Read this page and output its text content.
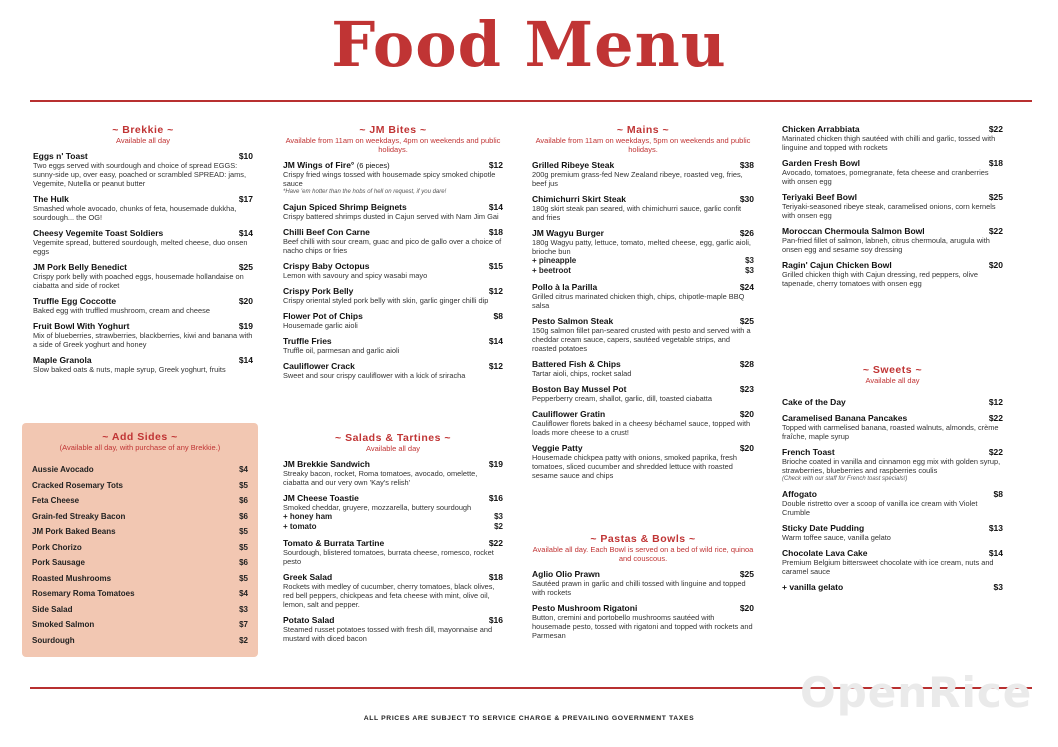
Food Menu
~ Brekkie ~
Available all day
Eggs n' Toast	$10
Two eggs served with sourdough and choice of spread EGGS: sunny-side up, over easy, poached or scrambled SPREAD: jams, Vegemite, Nutella or peanut butter
The Hulk	$17
Smashed whole avocado, chunks of feta, housemade dukkha, sourdough... the OG!
Cheesy Vegemite Toast Soldiers	$14
Vegemite spread, buttered sourdough, melted cheese, duo onsen eggs
JM Pork Belly Benedict	$25
Crispy pork belly with poached eggs, housemade hollandaise on ciabatta and side of rocket
Truffle Egg Coccotte	$20
Baked egg with truffled mushroom, cream and cheese
Fruit Bowl With Yoghurt	$19
Mix of blueberries, strawberries, blackberries, kiwi and banana with a side of Greek yoghurt and honey
Maple Granola	$14
Slow baked oats & nuts, maple syrup, Greek yoghurt, fruits
~ Add Sides ~
(Available all day, with purchase of any Brekkie.)
Aussie Avocado	$4
Cracked Rosemary Tots	$5
Feta Cheese	$6
Grain-fed Streaky Bacon	$6
JM Pork Baked Beans	$5
Pork Chorizo	$5
Pork Sausage	$6
Roasted Mushrooms	$5
Rosemary Roma Tomatoes	$4
Side Salad	$3
Smoked Salmon	$7
Sourdough	$2
~ JM Bites ~
Available from 11am on weekdays, 4pm on weekends and public holidays.
JM Wings of Fire° (6 pieces)	$12
Crispy fried wings tossed with housemade spicy smoked chipotle sauce
*Have 'em hotter than the hobs of hell on request, if you dare!
Cajun Spiced Shrimp Beignets	$14
Crispy battered shrimps dusted in Cajun served with Nam Jim Gai
Chilli Beef Con Carne	$18
Beef chilli with sour cream, guac and pico de gallo over a choice of nacho chips or fries
Crispy Baby Octopus	$15
Lemon with savoury and spicy wasabi mayo
Crispy Pork Belly	$12
Crispy oriental styled pork belly with skin, garlic ginger chilli dip
Flower Pot of Chips	$8
Housemade garlic aioli
Truffle Fries	$14
Truffle oil, parmesan and garlic aioli
Cauliflower Crack	$12
Sweet and sour crispy cauliflower with a kick of sriracha
~ Salads & Tartines ~
Available all day
JM Brekkie Sandwich	$19
Streaky bacon, rocket, Roma tomatoes, avocado, omelette, ciabatta and our very own 'Kay's relish'
JM Cheese Toastie	$16
Smoked cheddar, gruyere, mozzarella, buttery sourdough
+ honey ham	$3
+ tomato	$2
Tomato & Burrata Tartine	$22
Sourdough, blistered tomatoes, burrata cheese, romesco, rocket pesto
Greek Salad	$18
Rockets with medley of cucumber, cherry tomatoes, black olives, red bell peppers, chickpeas and feta cheese with mint, olive oil, lemon, salt and pepper.
Potato Salad	$16
Steamed russet potatoes tossed with fresh dill, mayonnaise and mustard with diced bacon
~ Mains ~
Available from 11am on weekdays, 5pm on weekends and public holidays.
Grilled Ribeye Steak	$38
200g premium grass-fed New Zealand ribeye, roasted veg, fries, beef jus
Chimichurri Skirt Steak	$30
180g skirt steak pan seared, with chimichurri sauce, garlic confit and fries
JM Wagyu Burger	$26
180g Wagyu patty, lettuce, tomato, melted cheese, egg, garlic aioli, brioche bun
+ pineapple	$3
+ beetroot	$3
Pollo à la Parilla	$24
Grilled citrus marinated chicken thigh, chips, chipotle-maple BBQ salsa
Pesto Salmon Steak	$25
150g salmon fillet pan-seared crusted with pesto and served with a cheddar cream sauce, capers, sautéed vegetable strips, and roasted potatoes
Battered Fish & Chips	$28
Tartar aioli, chips, rocket salad
Boston Bay Mussel Pot	$23
Pepperberry cream, shallot, garlic, dill, toasted ciabatta
Cauliflower Gratin	$20
Cauliflower florets baked in a cheesy béchamel sauce, topped with loads more cheese to a crust!
Veggie Patty	$20
Housemade chickpea patty with onions, smoked paprika, fresh tomatoes, sliced cucumber and shredded lettuce with roasted sesame sauce and chips
~ Pastas & Bowls ~
Available all day. Each Bowl is served on a bed of wild rice, quinoa and couscous.
Aglio Olio Prawn	$25
Sautéed prawn in garlic and chilli tossed with linguine and topped with rockets
Pesto Mushroom Rigatoni	$20
Button, cremini and portobello mushrooms sautéed with housemade pesto, tossed with rigatoni and topped with rockets and Parmesan
Chicken Arrabbiata	$22
Marinated chicken thigh sautéed with chilli and garlic, tossed with linguine and topped with rockets
Garden Fresh Bowl	$18
Avocado, tomatoes, pomegranate, feta cheese and cranberries with onsen egg
Teriyaki Beef Bowl	$25
Teriyaki-seasoned ribeye steak, caramelised onions, corn kernels with onsen egg
Moroccan Chermoula Salmon Bowl	$22
Pan-fried fillet of salmon, labneh, citrus chermoula, arugula with onsen egg and sesame soy dressing
Ragin' Cajun Chicken Bowl	$20
Grilled chicken thigh with Cajun dressing, red peppers, olive tapenade, cherry tomatoes with onsen egg
~ Sweets ~
Available all day
Cake of the Day	$12
Caramelised Banana Pancakes	$22
Topped with carmelised banana, roasted walnuts, almonds, crème fraîche, maple syrup
French Toast	$22
Brioche coated in vanilla and cinnamon egg mix with golden syrup, strawberries, blueberries and raspberries coulis
(Check with our staff for French toast specials!)
Affogato	$8
Double ristretto over a scoop of vanilla ice cream with Violet Crumble
Sticky Date Pudding	$13
Warm toffee sauce, vanilla gelato
Chocolate Lava Cake	$14
Premium Belgium bittersweet chocolate with ice cream, nuts and caramel sauce
+ vanilla gelato	$3
OpenRice
ALL PRICES ARE SUBJECT TO SERVICE CHARGE & PREVAILING GOVERNMENT TAXES
